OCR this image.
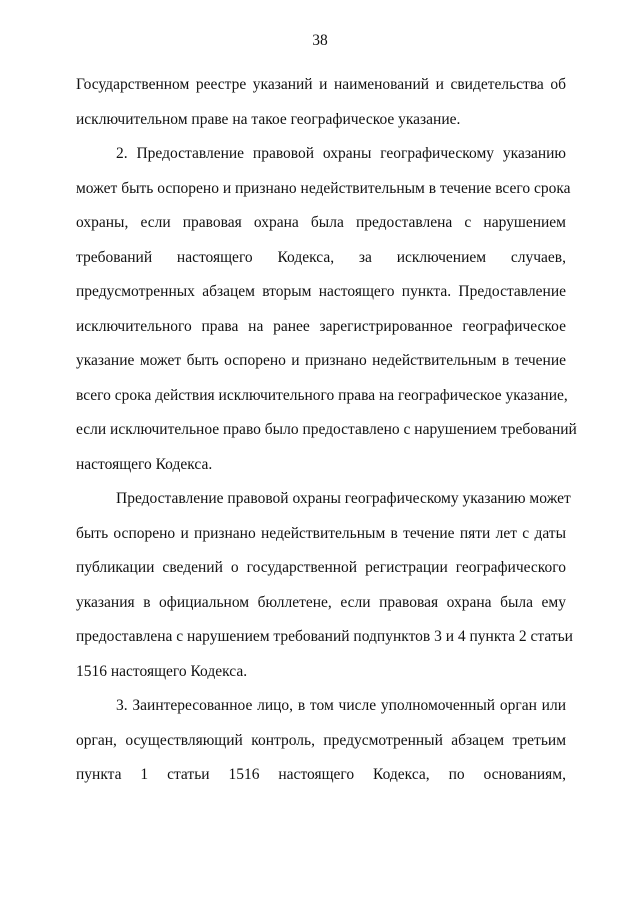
38
Государственном реестре указаний и наименований и свидетельства об
исключительном праве на такое географическое указание.
2. Предоставление правовой охраны географическому указанию
может быть оспорено и признано недействительным в течение всего срока
охраны, если правовая охрана была предоставлена с нарушением
требований настоящего Кодекса, за исключением случаев,
предусмотренных абзацем вторым настоящего пункта. Предоставление
исключительного права на ранее зарегистрированное географическое
указание может быть оспорено и признано недействительным в течение
всего срока действия исключительного права на географическое указание,
если исключительное право было предоставлено с нарушением требований
настоящего Кодекса.
Предоставление правовой охраны географическому указанию может
быть оспорено и признано недействительным в течение пяти лет с даты
публикации сведений о государственной регистрации географического
указания в официальном бюллетене, если правовая охрана была ему
предоставлена с нарушением требований подпунктов 3 и 4 пункта 2 статьи
1516 настоящего Кодекса.
3. Заинтересованное лицо, в том числе уполномоченный орган или
орган, осуществляющий контроль, предусмотренный абзацем третьим
пункта 1 статьи 1516 настоящего Кодекса, по основаниям,
